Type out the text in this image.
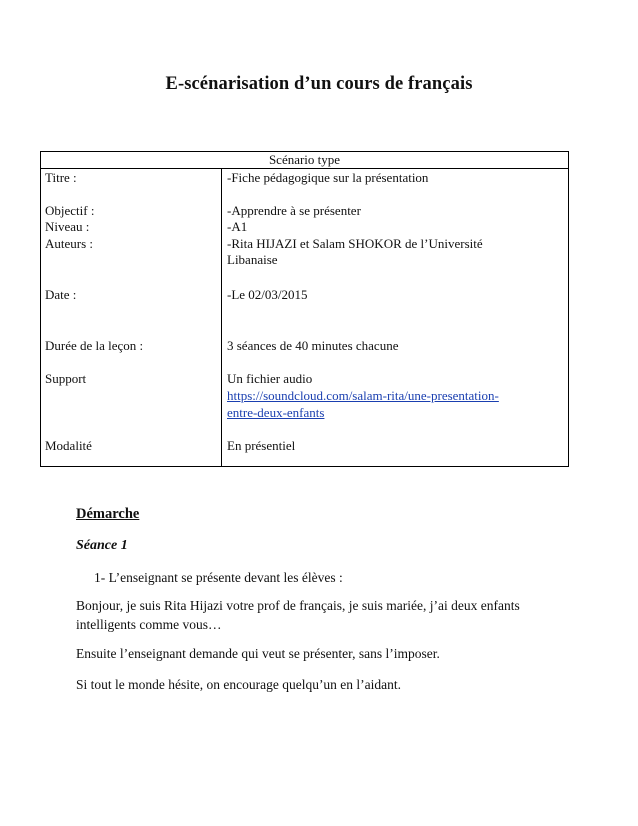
E-scénarisation d’un cours de français
Scénario type
Titre :	-Fiche pédagogique sur la présentation
Objectif :	-Apprendre à se présenter
Niveau :	-A1
Auteurs :	-Rita HIJAZI et Salam SHOKOR de l’Université
Libanaise
Date :	-Le 02/03/2015
Durée de la leçon :	3 séances de 40 minutes chacune
Support	Un fichier audio
https://soundcloud.com/salam-rita/une-presentation-
entre-deux-enfants
Modalité	En présentiel
Démarche
Séance 1
1- L’enseignant se présente devant les élèves :
Bonjour, je suis Rita Hijazi votre prof de français, je suis mariée, j’ai deux enfants intelligents comme vous…
Ensuite l’enseignant demande qui veut se présenter, sans l’imposer.
Si tout le monde hésite, on encourage quelqu’un en l’aidant.
